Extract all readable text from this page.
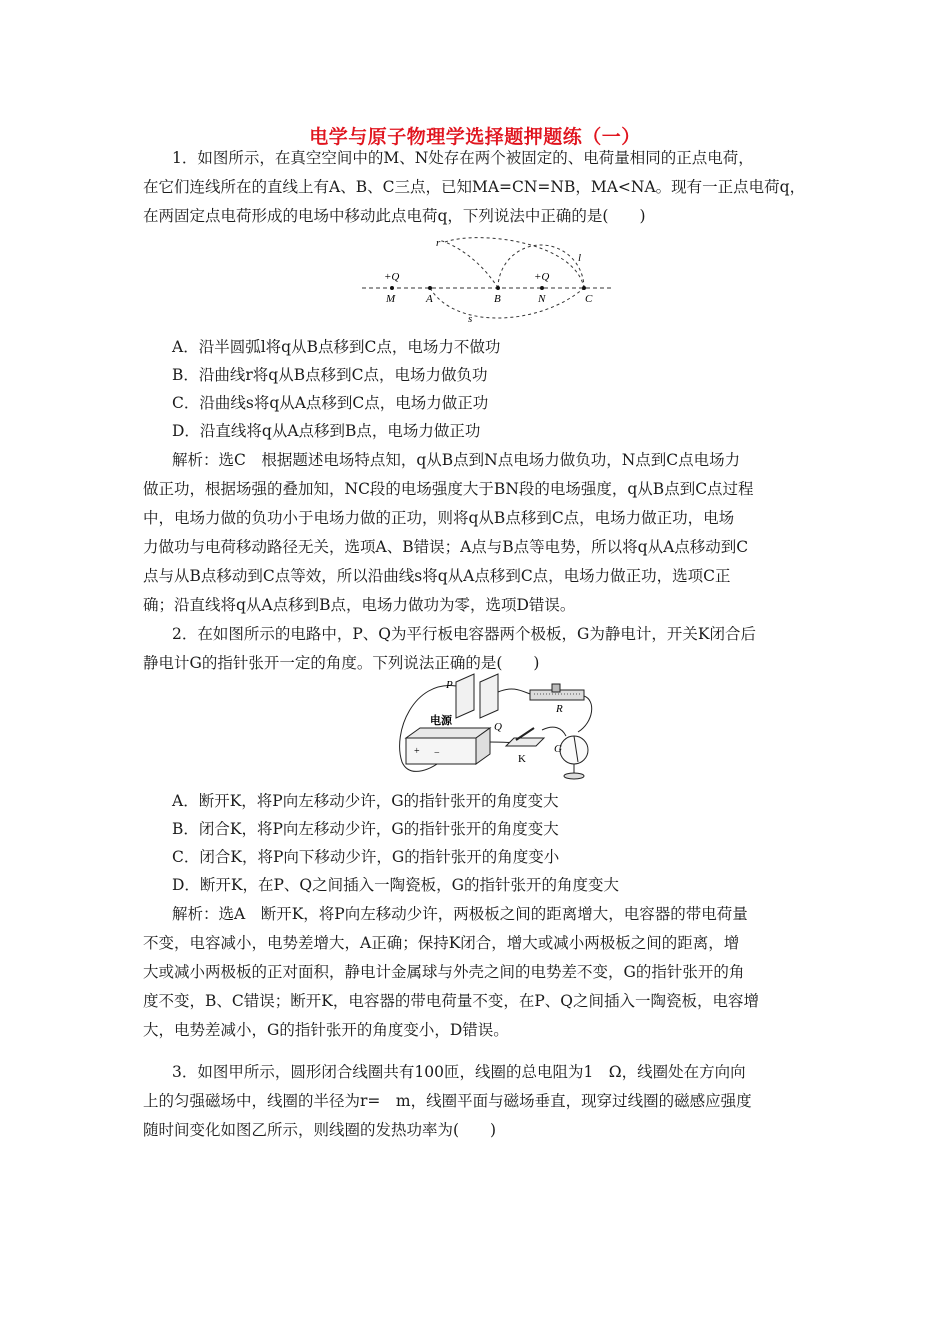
电学与原子物理学选择题押题练（一）
1．如图所示，在真空空间中的M、N处存在两个被固定的、电荷量相同的正点电荷，
在它们连线所在的直线上有A、B、C三点，已知MA=CN=NB，MA<NA。现有一正点电荷q，
在两固定点电荷形成的电场中移动此点电荷q，下列说法中正确的是(　　)
+Q	+Q
M	A	B	N	C
r
l
s
A．沿半圆弧l将q从B点移到C点，电场力不做功
B．沿曲线r将q从B点移到C点，电场力做负功
C．沿曲线s将q从A点移到C点，电场力做正功
D．沿直线将q从A点移到B点，电场力做正功
解析：选C　根据题述电场特点知，q从B点到N点电场力做负功，N点到C点电场力
做正功，根据场强的叠加知，NC段的电场强度大于BN段的电场强度，q从B点到C点过程
中，电场力做的负功小于电场力做的正功，则将q从B点移到C点，电场力做正功，电场
力做功与电荷移动路径无关，选项A、B错误；A点与B点等电势，所以将q从A点移动到C
点与从B点移动到C点等效，所以沿曲线s将q从A点移到C点，电场力做正功，选项C正
确；沿直线将q从A点移到B点，电场力做功为零，选项D错误。
2．在如图所示的电路中，P、Q为平行板电容器两个极板，G为静电计，开关K闭合后
静电计G的指针张开一定的角度。下列说法正确的是(　　)
P
Q
R
电源
+ −	K
G
A．断开K，将P向左移动少许，G的指针张开的角度变大
B．闭合K，将P向左移动少许，G的指针张开的角度变大
C．闭合K，将P向下移动少许，G的指针张开的角度变小
D．断开K，在P、Q之间插入一陶瓷板，G的指针张开的角度变大
解析：选A　断开K，将P向左移动少许，两极板之间的距离增大，电容器的带电荷量
不变，电容减小，电势差增大，A正确；保持K闭合，增大或减小两极板之间的距离，增
大或减小两极板的正对面积，静电计金属球与外壳之间的电势差不变，G的指针张开的角
度不变，B、C错误；断开K，电容器的带电荷量不变，在P、Q之间插入一陶瓷板，电容增
大，电势差减小，G的指针张开的角度变小，D错误。
3．如图甲所示，圆形闭合线圈共有100匝，线圈的总电阻为1　Ω，线圈处在方向向
上的匀强磁场中，线圈的半径为r=　m，线圈平面与磁场垂直，现穿过线圈的磁感应强度
随时间变化如图乙所示，则线圈的发热功率为(　　)
